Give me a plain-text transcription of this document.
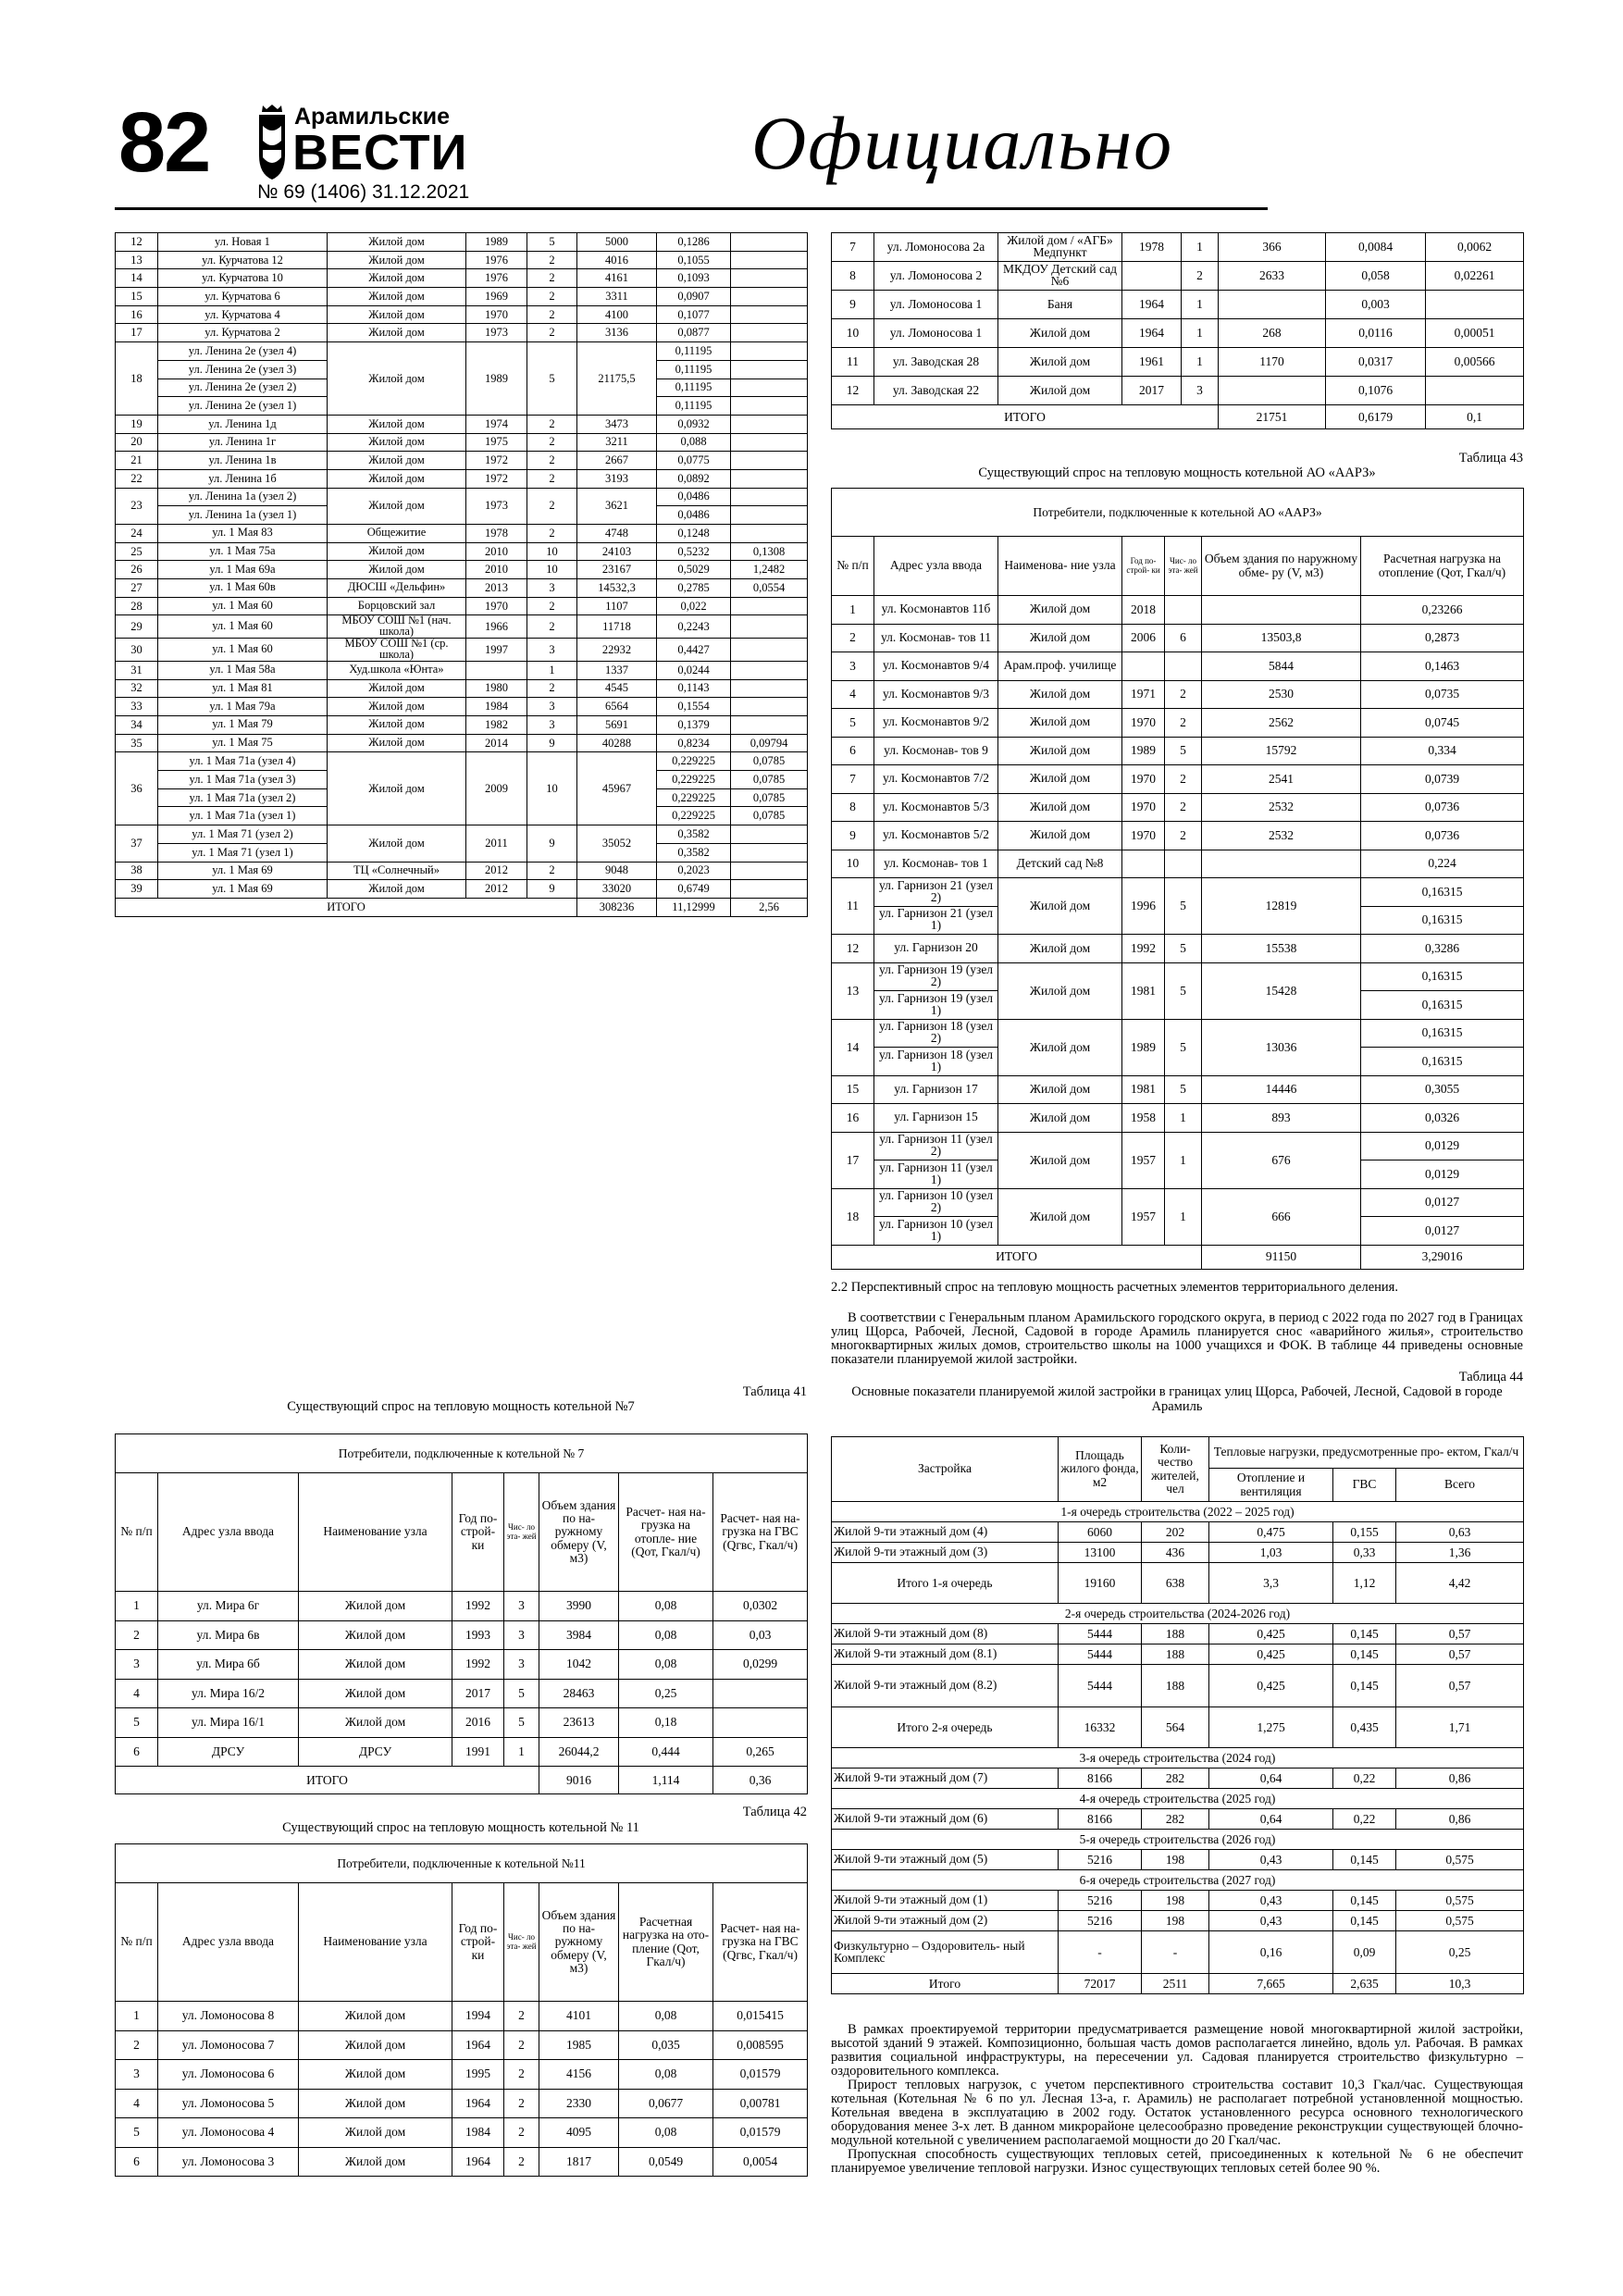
82	Арамильские
ВЕСТИ
№ 69 (1406) 31.12.2021
Официально
12	ул. Новая 1	Жилой дом	1989	5	5000	0,1286	
13	ул. Курчатова 12	Жилой дом	1976	2	4016	0,1055	
14	ул. Курчатова 10	Жилой дом	1976	2	4161	0,1093	
15	ул. Курчатова 6	Жилой дом	1969	2	3311	0,0907	
16	ул. Курчатова 4	Жилой дом	1970	2	4100	0,1077	
17	ул. Курчатова 2	Жилой дом	1973	2	3136	0,0877	
18	ул. Ленина 2е (узел 4)	Жилой дом	1989	5	21175,5	0,11195	
	ул. Ленина 2е (узел 3)					0,11195	
	ул. Ленина 2е (узел 2)					0,11195	
	ул. Ленина 2е (узел 1)					0,11195	
19	ул. Ленина 1д	Жилой дом	1974	2	3473	0,0932	
20	ул. Ленина 1г	Жилой дом	1975	2	3211	0,088	
21	ул. Ленина 1в	Жилой дом	1972	2	2667	0,0775	
22	ул. Ленина 1б	Жилой дом	1972	2	3193	0,0892	
23	ул. Ленина 1а (узел 2)	Жилой дом	1973	2	3621	0,0486	
	ул. Ленина 1а (узел 1)					0,0486	
24	ул. 1 Мая 83	Общежитие	1978	2	4748	0,1248	
25	ул. 1 Мая 75а	Жилой дом	2010	10	24103	0,5232	0,1308
26	ул. 1 Мая 69а	Жилой дом	2010	10	23167	0,5029	1,2482
27	ул. 1 Мая 60в	ДЮСШ «Дельфин»	2013	3	14532,3	0,2785	0,0554
28	ул. 1 Мая 60	Борцовский зал	1970	2	1107	0,022	
29	ул. 1 Мая 60	МБОУ СОШ №1 (нач. школа)	1966	2	11718	0,2243	
30	ул. 1 Мая 60	МБОУ СОШ №1 (ср. школа)	1997	3	22932	0,4427	
31	ул. 1 Мая 58а	Худ.школа «Юнта»		1	1337	0,0244	
32	ул. 1 Мая 81	Жилой дом	1980	2	4545	0,1143	
33	ул. 1 Мая 79а	Жилой дом	1984	3	6564	0,1554	
34	ул. 1 Мая 79	Жилой дом	1982	3	5691	0,1379	
35	ул. 1 Мая 75	Жилой дом	2014	9	40288	0,8234	0,09794
36	ул. 1 Мая 71а (узел 4)	Жилой дом	2009	10	45967	0,229225	0,0785
	ул. 1 Мая 71а (узел 3)					0,229225	0,0785
	ул. 1 Мая 71а (узел 2)					0,229225	0,0785
	ул. 1 Мая 71а (узел 1)					0,229225	0,0785
37	ул. 1 Мая 71 (узел 2)	Жилой дом	2011	9	35052	0,3582	
	ул. 1 Мая 71 (узел 1)					0,3582	
38	ул. 1 Мая 69	ТЦ «Солнечный»	2012	2	9048	0,2023	
39	ул. 1 Мая 69	Жилой дом	2012	9	33020	0,6749	
ИТОГО					308236	11,12999	2,56
Таблица 41
Существующий спрос на тепловую мощность котельной №7
Потребители, подключенные к котельной № 7							
№ п/п	Адрес узла ввода	Наименование узла	Год по- строй- ки	Чис- ло эта- жей	Объем здания по на- ружному обмеру (V, м3)	Расчет- ная на- грузка на отопле- ние (Qот, Гкал/ч)	Расчет- ная на- грузка на ГВС (Qгвс, Гкал/ч)
1	ул. Мира 6г	Жилой дом	1992	3	3990	0,08	0,0302
2	ул. Мира 6в	Жилой дом	1993	3	3984	0,08	0,03
3	ул. Мира 6б	Жилой дом	1992	3	1042	0,08	0,0299
4	ул. Мира 16/2	Жилой дом	2017	5	28463	0,25	
5	ул. Мира 16/1	Жилой дом	2016	5	23613	0,18	
6	ДРСУ	ДРСУ	1991	1	26044,2	0,444	0,265
ИТОГО					9016	1,114	0,36
Таблица 42
Существующий спрос на тепловую мощность котельной № 11
Потребители, подключенные к котельной №11							
№ п/п	Адрес узла ввода	Наименование узла	Год по- строй- ки	Чис- ло эта- жей	Объем здания по на- ружному обмеру (V, м3)	Расчетная нагрузка на ото- пление (Qот, Гкал/ч)	Расчет- ная на- грузка на ГВС (Qгвс, Гкал/ч)
1	ул. Ломоносова 8	Жилой дом	1994	2	4101	0,08	0,015415
2	ул. Ломоносова 7	Жилой дом	1964	2	1985	0,035	0,008595
3	ул. Ломоносова 6	Жилой дом	1995	2	4156	0,08	0,01579
4	ул. Ломоносова 5	Жилой дом	1964	2	2330	0,0677	0,00781
5	ул. Ломоносова 4	Жилой дом	1984	2	4095	0,08	0,01579
6	ул. Ломоносова 3	Жилой дом	1964	2	1817	0,0549	0,0054
7	ул. Ломоносова 2а	Жилой дом / «АГБ» Медпункт	1978	1	366	0,0084	0,0062
8	ул. Ломоносова 2	МКДОУ Детский сад №6		2	2633	0,058	0,02261
9	ул. Ломоносова 1	Баня	1964	1		0,003	
10	ул. Ломоносова 1	Жилой дом	1964	1	268	0,0116	0,00051
11	ул. Заводская 28	Жилой дом	1961	1	1170	0,0317	0,00566
12	ул. Заводская 22	Жилой дом	2017	3		0,1076	
ИТОГО					21751	0,6179	0,1
Таблица 43
Существующий спрос на тепловую мощность котельной АО «ААРЗ»
Потребители, подключенные к котельной АО «ААРЗ»						
№ п/п	Адрес узла ввода	Наименова- ние узла	Год по- строй- ки	Чис- ло эта- жей	Объем здания по наружному обме- ру (V, м3)	Расчетная нагрузка на отопление (Qот, Гкал/ч)
1	ул. Космонавтов 11б	Жилой дом	2018			0,23266
2	ул. Космонав- тов 11	Жилой дом	2006	6	13503,8	0,2873
3	ул. Космонавтов 9/4	Арам.проф. училище			5844	0,1463
4	ул. Космонавтов 9/3	Жилой дом	1971	2	2530	0,0735
5	ул. Космонавтов 9/2	Жилой дом	1970	2	2562	0,0745
6	ул. Космонав- тов 9	Жилой дом	1989	5	15792	0,334
7	ул. Космонавтов 7/2	Жилой дом	1970	2	2541	0,0739
8	ул. Космонавтов 5/3	Жилой дом	1970	2	2532	0,0736
9	ул. Космонавтов 5/2	Жилой дом	1970	2	2532	0,0736
10	ул. Космонав- тов 1	Детский сад №8				0,224
11	ул. Гарнизон 21 (узел 2)	Жилой дом	1996	5	12819	0,16315
	ул. Гарнизон 21 (узел 1)					0,16315
12	ул. Гарнизон 20	Жилой дом	1992	5	15538	0,3286
13	ул. Гарнизон 19 (узел 2)	Жилой дом	1981	5	15428	0,16315
	ул. Гарнизон 19 (узел 1)					0,16315
14	ул. Гарнизон 18 (узел 2)	Жилой дом	1989	5	13036	0,16315
	ул. Гарнизон 18 (узел 1)					0,16315
15	ул. Гарнизон 17	Жилой дом	1981	5	14446	0,3055
16	ул. Гарнизон 15	Жилой дом	1958	1	893	0,0326
17	ул. Гарнизон 11 (узел 2)	Жилой дом	1957	1	676	0,0129
	ул. Гарнизон 11 (узел 1)					0,0129
18	ул. Гарнизон 10 (узел 2)	Жилой дом	1957	1	666	0,0127
	ул. Гарнизон 10 (узел 1)					0,0127
ИТОГО					91150	3,29016
2.2 Перспективный спрос на тепловую мощность расчетных элементов территориального деления.

В соответствии с Генеральным планом Арамильского городского округа, в период с 2022 года по 2027 год в Границах улиц Щорса, Рабочей, Лесной, Садовой в городе Арамиль планируется снос «аварийного жилья», строительство многоквартирных жилых домов, строительство школы на 1000 учащихся и ФОК. В таблице 44 приведены основные показатели планируемой жилой застройки.

Таблица 44
Основные показатели планируемой жилой застройки в границах улиц Щорса, Рабочей, Лесной, Садовой в городе Арамиль
Застройка	Площадь жилого фонда, м2	Коли- чество жителей, чел	Тепловые нагрузки, предусмотренные про- ектом, Гкал/ч		
			Отопление и вентиляция	ГВС	Всего
1-я очередь строительства (2022 – 2025 год)					
Жилой 9-ти этажный дом (4)	6060	202	0,475	0,155	0,63
Жилой 9-ти этажный дом (3)	13100	436	1,03	0,33	1,36
Итого 1-я очередь	19160	638	3,3	1,12	4,42
2-я очередь строительства (2024-2026 год)					
Жилой 9-ти этажный дом (8)	5444	188	0,425	0,145	0,57
Жилой 9-ти этажный дом (8.1)	5444	188	0,425	0,145	0,57
Жилой 9-ти этажный дом (8.2)	5444	188	0,425	0,145	0,57
Итого 2-я очередь	16332	564	1,275	0,435	1,71
3-я очередь строительства (2024 год)					
Жилой 9-ти этажный дом (7)	8166	282	0,64	0,22	0,86
4-я очередь строительства (2025 год)					
Жилой 9-ти этажный дом (6)	8166	282	0,64	0,22	0,86
5-я очередь строительства (2026 год)					
Жилой 9-ти этажный дом (5)	5216	198	0,43	0,145	0,575
6-я очередь строительства (2027 год)					
Жилой 9-ти этажный дом (1)	5216	198	0,43	0,145	0,575
Жилой 9-ти этажный дом (2)	5216	198	0,43	0,145	0,575
Физкультурно – Оздоровитель- ный Комплекс	-	-	0,16	0,09	0,25
Итого	72017	2511	7,665	2,635	10,3

В рамках проектируемой территории предусматривается размещение новой многоквартирной жилой застройки, высотой зданий 9 этажей. Композиционно, большая часть домов располагается линейно, вдоль ул. Рабочая. В рамках развития социальной инфраструктуры, на пересечении ул. Садовая планируется строительство физкультурно – оздоровительного комплекса.

Прирост тепловых нагрузок, с учетом перспективного строительства составит 10,3 Гкал/час. Существующая котельная (Котельная № 6 по ул. Лесная 13-а, г. Арамиль) не располагает потребной установленной мощностью. Котельная введена в эксплуатацию в 2002 году. Остаток установленного ресурса основного технологического оборудования менее 3-х лет. В данном микрорайоне целесообразно проведение реконструкции существующей блочно-модульной котельной с увеличением располагаемой мощности до 20 Гкал/час.

Пропускная способность существующих тепловых сетей, присоединенных к котельной № 6 не обеспечит планируемое увеличение тепловой нагрузки. Износ существующих тепловых сетей более 90 %.
